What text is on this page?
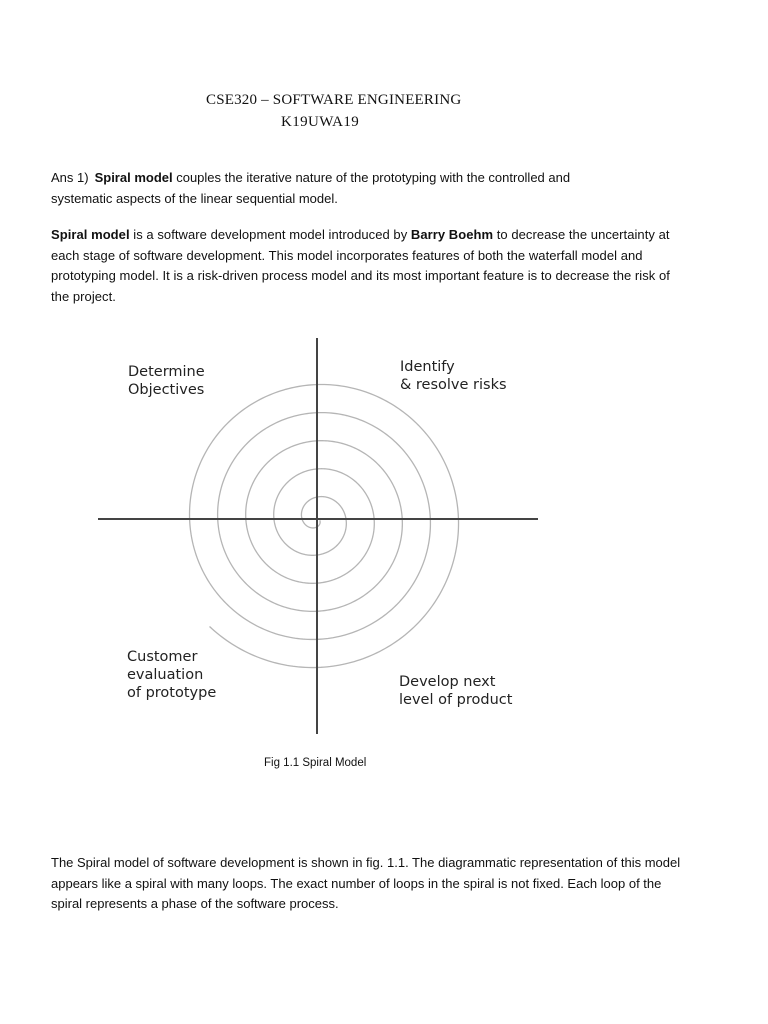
CSE320 – SOFTWARE ENGINEERING
K19UWA19
Ans 1) Spiral model couples the iterative nature of the prototyping with the controlled and
systematic aspects of the linear sequential model.
Spiral model is a software development model introduced by Barry Boehm to decrease the uncertainty at each stage of software development. This model incorporates features of both the waterfall model and prototyping model. It is a risk-driven process model and its most important feature is to decrease the risk of the project.
Determine Objectives
Identify & resolve risks
Customer evaluation of prototype
Develop next level of product
Fig 1.1 Spiral Model
The Spiral model of software development is shown in fig. 1.1. The diagrammatic representation of this model appears like a spiral with many loops. The exact number of loops in the spiral is not fixed. Each loop of the spiral represents a phase of the software process.
